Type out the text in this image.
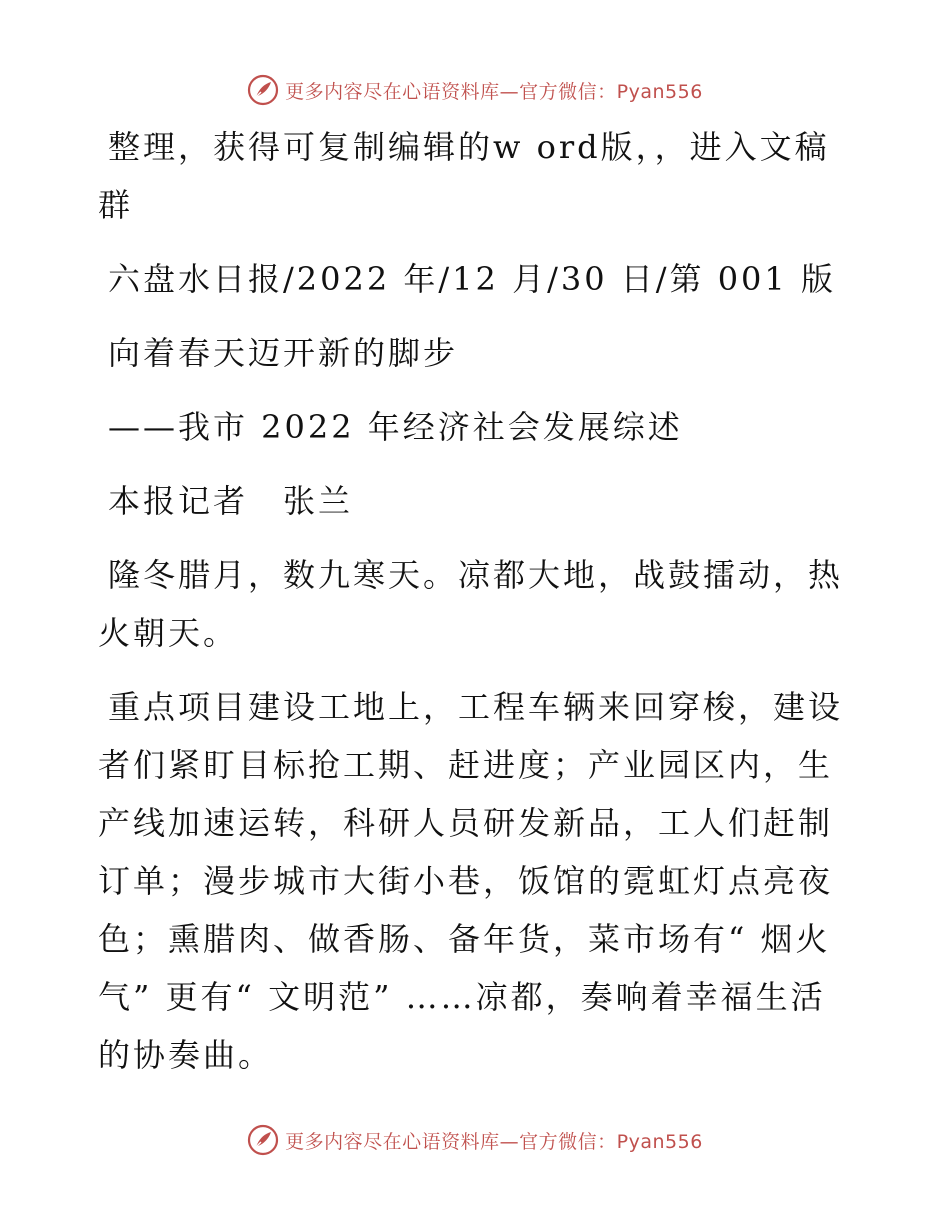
更多内容尽在心语资料库—官方微信：Pyan556

整理，获得可复制编辑的w ord版，，进入文稿群

六盘水日报/2022 年/12 月/30 日/第 001 版

向着春天迈开新的脚步

——我市 2022 年经济社会发展综述

本报记者　张兰

隆冬腊月，数九寒天。凉都大地，战鼓擂动，热火朝天。

重点项目建设工地上，工程车辆来回穿梭，建设者们紧盯目标抢工期、赶进度；产业园区内，生产线加速运转，科研人员研发新品，工人们赶制订单；漫步城市大街小巷，饭馆的霓虹灯点亮夜色；熏腊肉、做香肠、备年货，菜市场有“ 烟火气” 更有“ 文明范” ……凉都，奏响着幸福生活的协奏曲。

更多内容尽在心语资料库—官方微信：Pyan556
